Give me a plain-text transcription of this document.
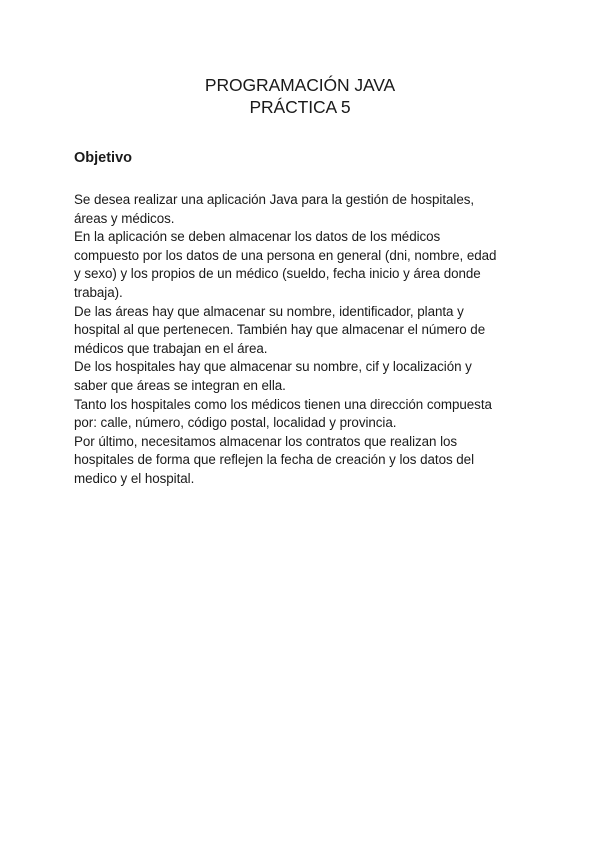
PROGRAMACIÓN JAVA
PRÁCTICA 5
Objetivo
Se desea realizar una aplicación Java para la gestión de hospitales,
áreas y médicos.
En la aplicación se deben almacenar los datos de los médicos
compuesto por los datos de una persona en general (dni, nombre, edad
y sexo) y los propios de un médico (sueldo, fecha inicio y área donde
trabaja).
De las áreas hay que almacenar su nombre, identificador, planta y
hospital al que pertenecen. También hay que almacenar el número de
médicos que trabajan en el área.
De los hospitales hay que almacenar su nombre, cif y localización y
saber que áreas se integran en ella.
Tanto los hospitales como los médicos tienen una dirección compuesta
por: calle, número, código postal, localidad y provincia.
Por último, necesitamos almacenar los contratos que realizan los
hospitales de forma que reflejen la fecha de creación y los datos del
medico y el hospital.
